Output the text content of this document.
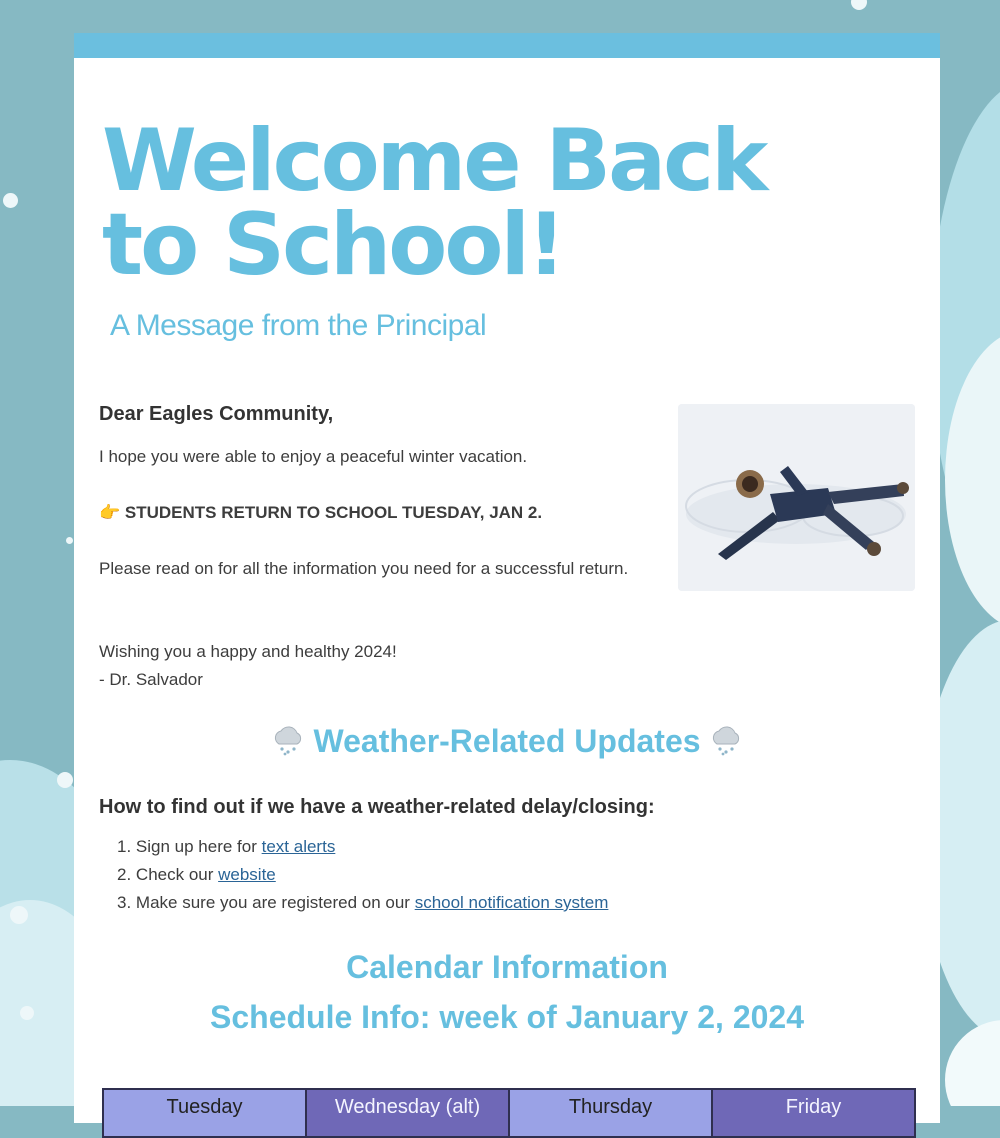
Welcome Back to School!
A Message from the Principal

Dear Eagles Community,

I hope you were able to enjoy a peaceful winter vacation.

👉 STUDENTS RETURN TO SCHOOL TUESDAY, JAN 2.

Please read on for all the information you need for a successful return.

Wishing you a happy and healthy 2024!
- Dr. Salvador
Weather-Related Updates

How to find out if we have a weather-related delay/closing:

1. Sign up here for text alerts
2. Check our website
3. Make sure you are registered on our school notification system
Calendar Information
Schedule Info: week of January 2, 2024
Tuesday	Wednesday (alt)	Thursday	Friday
